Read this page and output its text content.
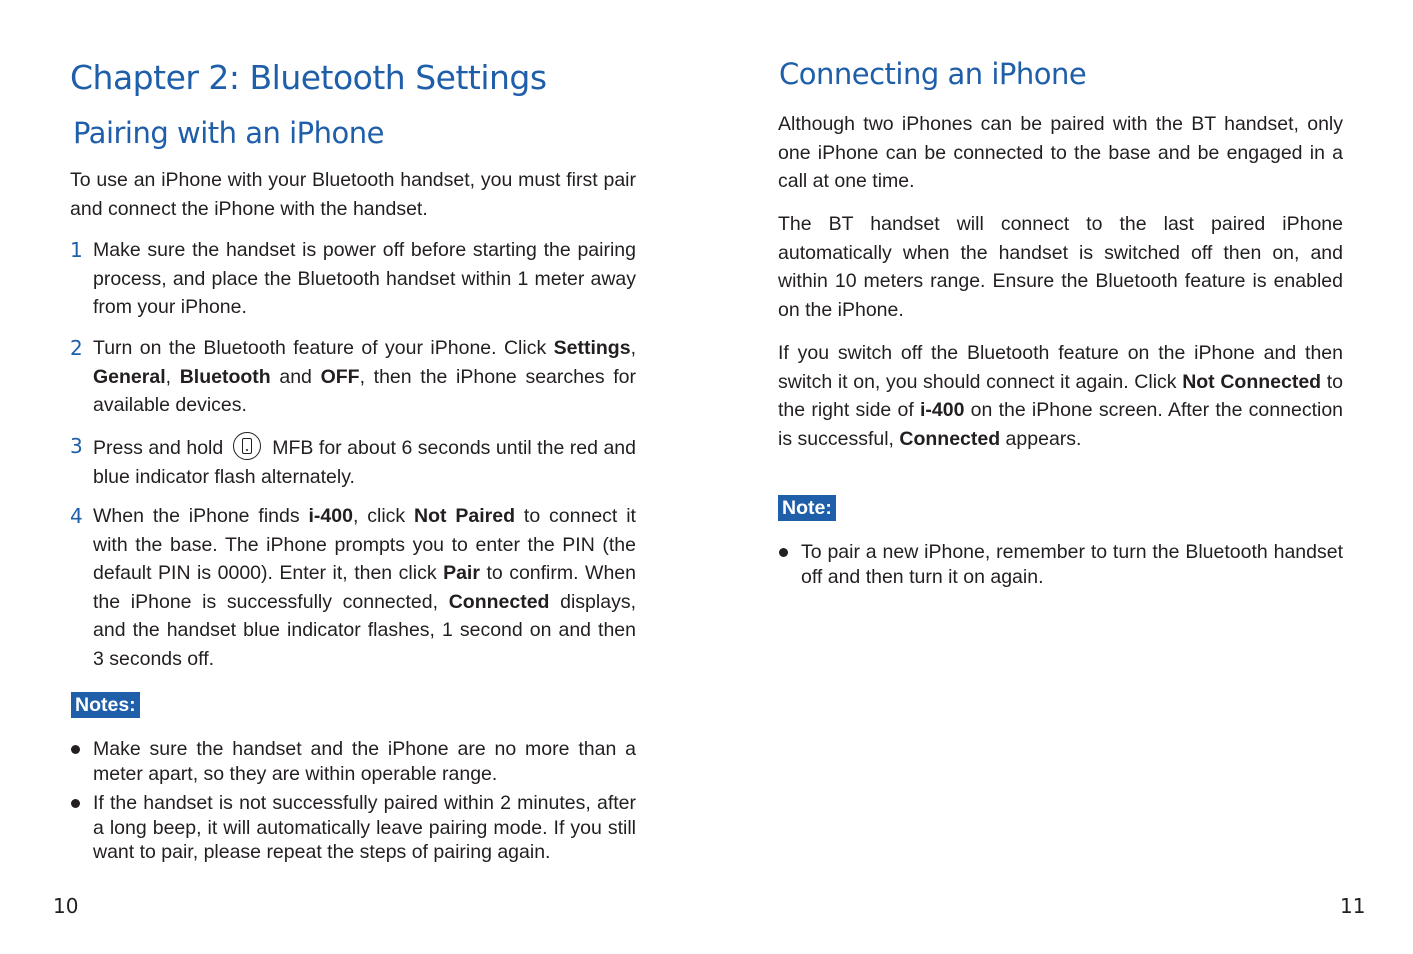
Chapter 2: Bluetooth Settings
Pairing with an iPhone

To use an iPhone with your Bluetooth handset, you must first pair and connect the iPhone with the handset.

1 Make sure the handset is power off before starting the pairing process, and place the Bluetooth handset within 1 meter away from your iPhone.
2 Turn on the Bluetooth feature of your iPhone. Click Settings, General, Bluetooth and OFF, then the iPhone searches for available devices.
3 Press and hold	MFB for about 6 seconds until the red and blue indicator flash alternately.
4 When the iPhone finds i-400, click Not Paired to connect it with the base. The iPhone prompts you to enter the PIN (the default PIN is 0000). Enter it, then click Pair to confirm. When the iPhone is successfully connected, Connected displays, and the handset blue indicator flashes, 1 second on and then 3 seconds off.
Notes:
Make sure the handset and the iPhone are no more than a meter apart, so they are within operable range.
If the handset is not successfully paired within 2 minutes, after a long beep, it will automatically leave pairing mode. If you still want to pair, please repeat the steps of pairing again.
10
Connecting an iPhone

Although two iPhones can be paired with the BT handset, only one iPhone can be connected to the base and be engaged in a call at one time.

The BT handset will connect to the last paired iPhone automatically when the handset is switched off then on, and within 10 meters range. Ensure the Bluetooth feature is enabled on the iPhone.

If you switch off the Bluetooth feature on the iPhone and then switch it on, you should connect it again. Click Not Connected to the right side of i-400 on the iPhone screen. After the connection is successful, Connected appears.

Note:
To pair a new iPhone, remember to turn the Bluetooth handset off and then turn it on again.
11
